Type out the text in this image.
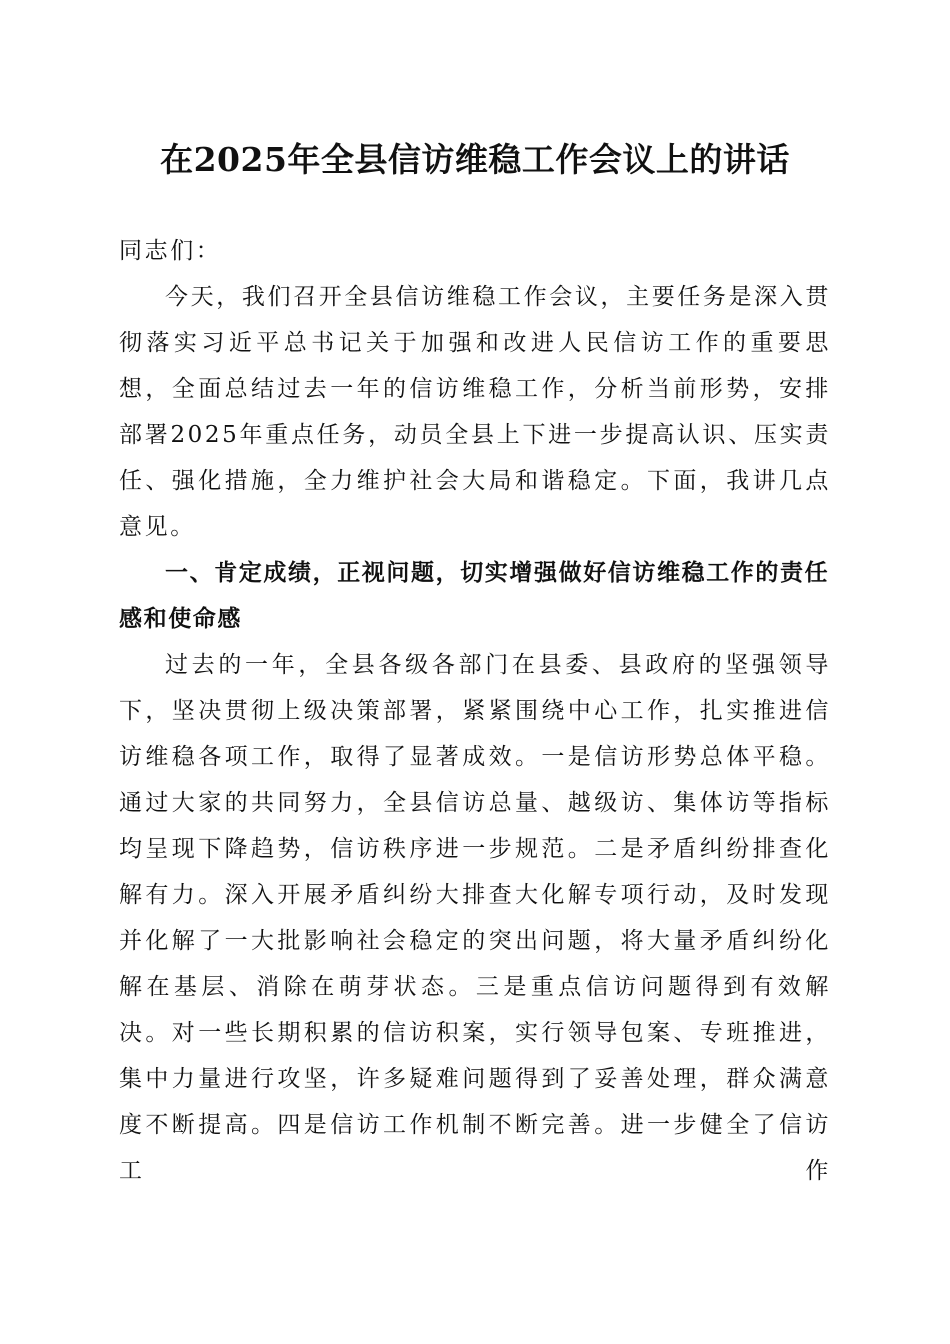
在2025年全县信访维稳工作会议上的讲话

同志们：

今天，我们召开全县信访维稳工作会议，主要任务是深入贯彻落实习近平总书记关于加强和改进人民信访工作的重要思想，全面总结过去一年的信访维稳工作，分析当前形势，安排部署2025年重点任务，动员全县上下进一步提高认识、压实责任、强化措施，全力维护社会大局和谐稳定。下面，我讲几点意见。

一、肯定成绩，正视问题，切实增强做好信访维稳工作的责任感和使命感

过去的一年，全县各级各部门在县委、县政府的坚强领导下，坚决贯彻上级决策部署，紧紧围绕中心工作，扎实推进信访维稳各项工作，取得了显著成效。一是信访形势总体平稳。通过大家的共同努力，全县信访总量、越级访、集体访等指标均呈现下降趋势，信访秩序进一步规范。二是矛盾纠纷排查化解有力。深入开展矛盾纠纷大排查大化解专项行动，及时发现并化解了一大批影响社会稳定的突出问题，将大量矛盾纠纷化解在基层、消除在萌芽状态。三是重点信访问题得到有效解决。对一些长期积累的信访积案，实行领导包案、专班推进，集中力量进行攻坚，许多疑难问题得到了妥善处理，群众满意度不断提高。四是信访工作机制不断完善。进一步健全了信访工作
